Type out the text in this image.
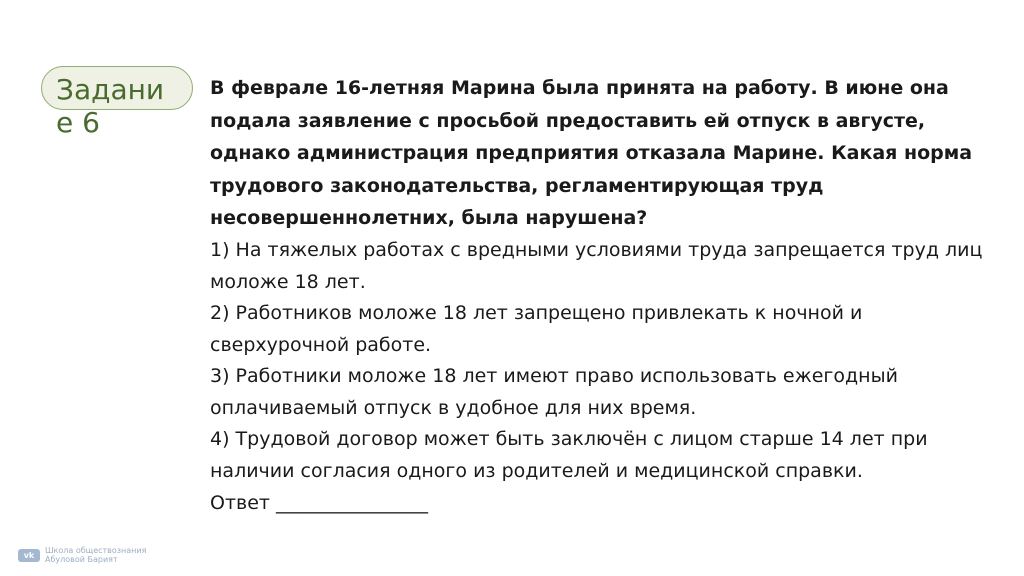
Задание 6

В феврале 16-летняя Марина была принята на работу. В июне она подала заявление с просьбой предоставить ей отпуск в августе, однако администрация предприятия отказала Марине. Какая норма трудового законодательства, регламентирующая труд несовершеннолетних, была нарушена?

1) На тяжелых работах с вредными условиями труда запрещается труд лиц моложе 18 лет.
2) Работников моложе 18 лет запрещено привлекать к ночной и сверхурочной работе.
3) Работники моложе 18 лет имеют право использовать ежегодный оплачиваемый отпуск в удобное для них время.
4) Трудовой договор может быть заключён с лицом старше 14 лет при наличии согласия одного из родителей и медицинской справки.

Ответ ________________

vk	Школа обществознания
Абуловой Барият
